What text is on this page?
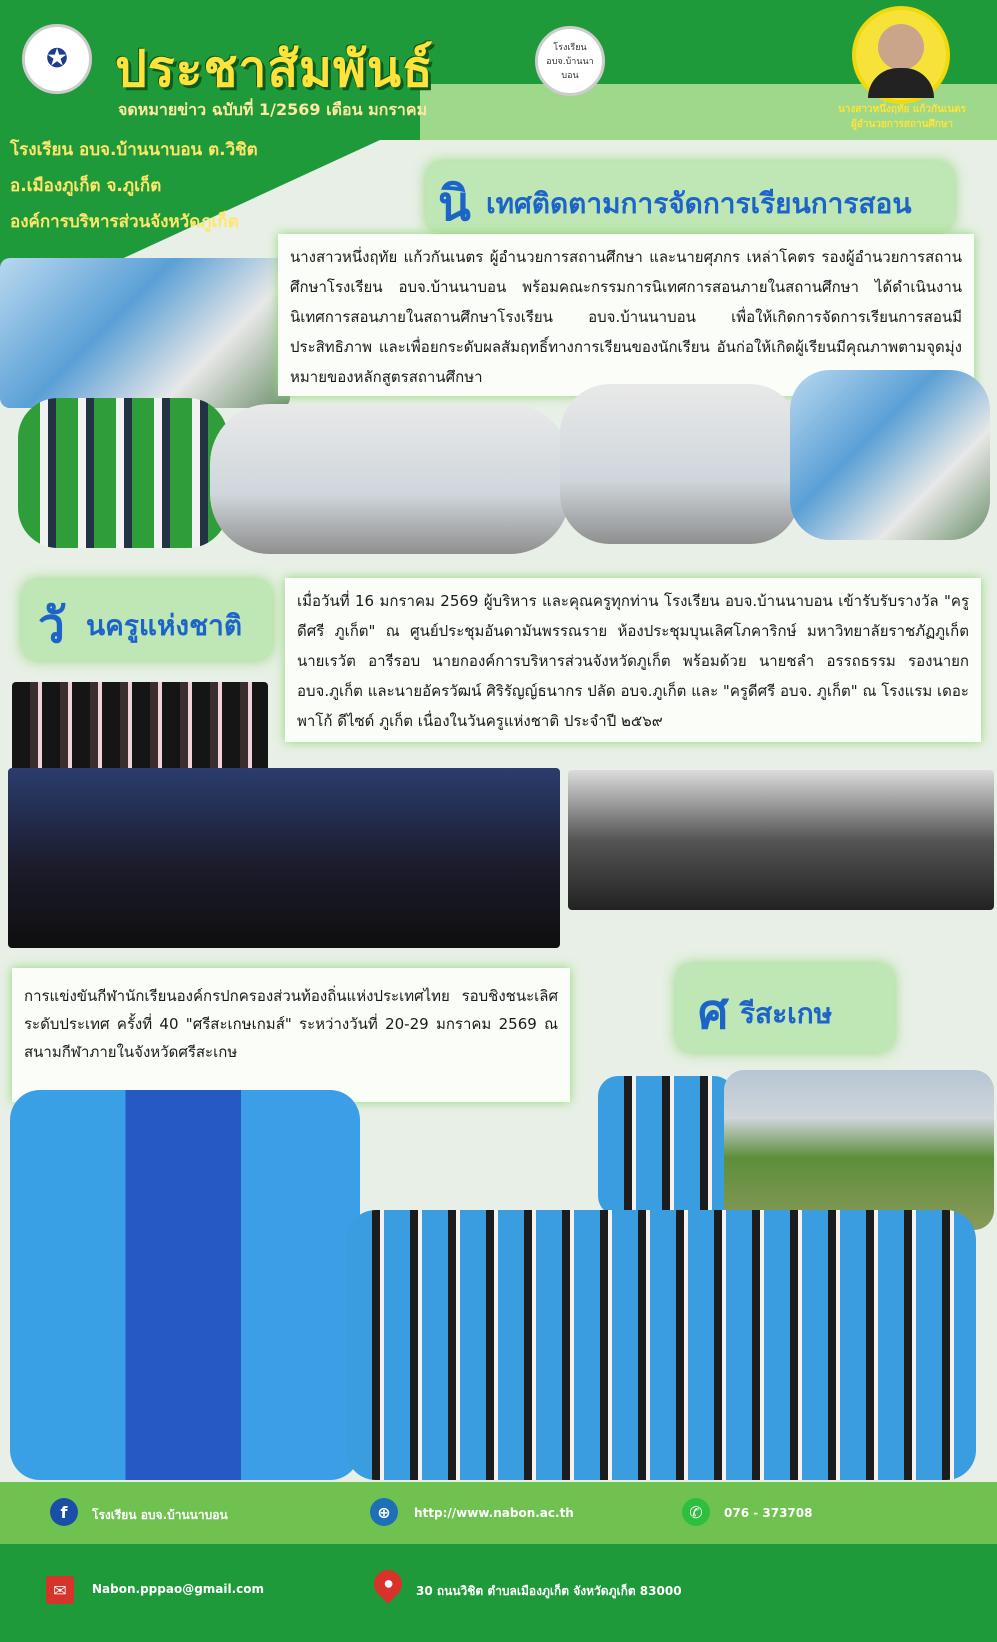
✪ ประชาสัมพันธ์	โรงเรียน อบจ.บ้านนาบอน
จดหมายข่าว ฉบับที่ 1/2569 เดือน มกราคม
โรงเรียน อบจ.บ้านนาบอน ต.วิชิต
อ.เมืองภูเก็ต จ.ภูเก็ต
องค์การบริหารส่วนจังหวัดภูเก็ต
นางสาวหนึ่งฤทัย แก้วกันเนตร
ผู้อำนวยการสถานศึกษา
นิ เทศติดตามการจัดการเรียนการสอน
นางสาวหนึ่งฤทัย แก้วกันเนตร ผู้อำนวยการสถานศึกษา และนายศุภกร เหล่าโคตร รองผู้อำนวยการสถานศึกษาโรงเรียน อบจ.บ้านนาบอน พร้อมคณะกรรมการนิเทศการสอนภายในสถานศึกษา ได้ดำเนินงานนิเทศการสอนภายในสถานศึกษาโรงเรียน อบจ.บ้านนาบอน เพื่อให้เกิดการจัดการเรียนการสอนมีประสิทธิภาพ และเพื่อยกระดับผลสัมฤทธิ์ทางการเรียนของนักเรียน อันก่อให้เกิดผู้เรียนมีคุณภาพตามจุดมุ่งหมายของหลักสูตรสถานศึกษา
วั นครูแห่งชาติ
เมื่อวันที่ 16 มกราคม 2569 ผู้บริหาร และคุณครูทุกท่าน โรงเรียน อบจ.บ้านนาบอน เข้ารับรับรางวัล "ครูดีศรี ภูเก็ต" ณ ศูนย์ประชุมอันดามันพรรณราย ห้องประชุมบุนเลิศโภคาริกษ์ มหาวิทยาลัยราชภัฏภูเก็ต นายเรวัต อารีรอบ นายกองค์การบริหารส่วนจังหวัดภูเก็ต พร้อมด้วย นายชลำ อรรถธรรม รองนายก อบจ.ภูเก็ต และนายอัครวัฒน์ ศิริรัญญ์ธนากร ปลัด อบจ.ภูเก็ต และ "ครูดีศรี อบจ. ภูเก็ต" ณ โรงแรม เดอะ พาโก้ ดีไซด์ ภูเก็ต เนื่องในวันครูแห่งชาติ ประจำปี ๒๕๖๙
การแข่งขันกีฬานักเรียนองค์กรปกครองส่วนท้องถิ่นแห่งประเทศไทย รอบชิงชนะเลิศ ระดับประเทศ ครั้งที่ 40 "ศรีสะเกษเกมส์" ระหว่างวันที่ 20-29 มกราคม 2569 ณ สนามกีฬาภายในจังหวัดศรีสะเกษ
ศ รีสะเกษ
f	โรงเรียน อบจ.บ้านนาบอน	⊕	http://www.nabon.ac.th	✆	076 - 373708
✉	Nabon.pppao@gmail.com	● 30 ถนนวิชิต ตำบลเมืองภูเก็ต จังหวัดภูเก็ต 83000
